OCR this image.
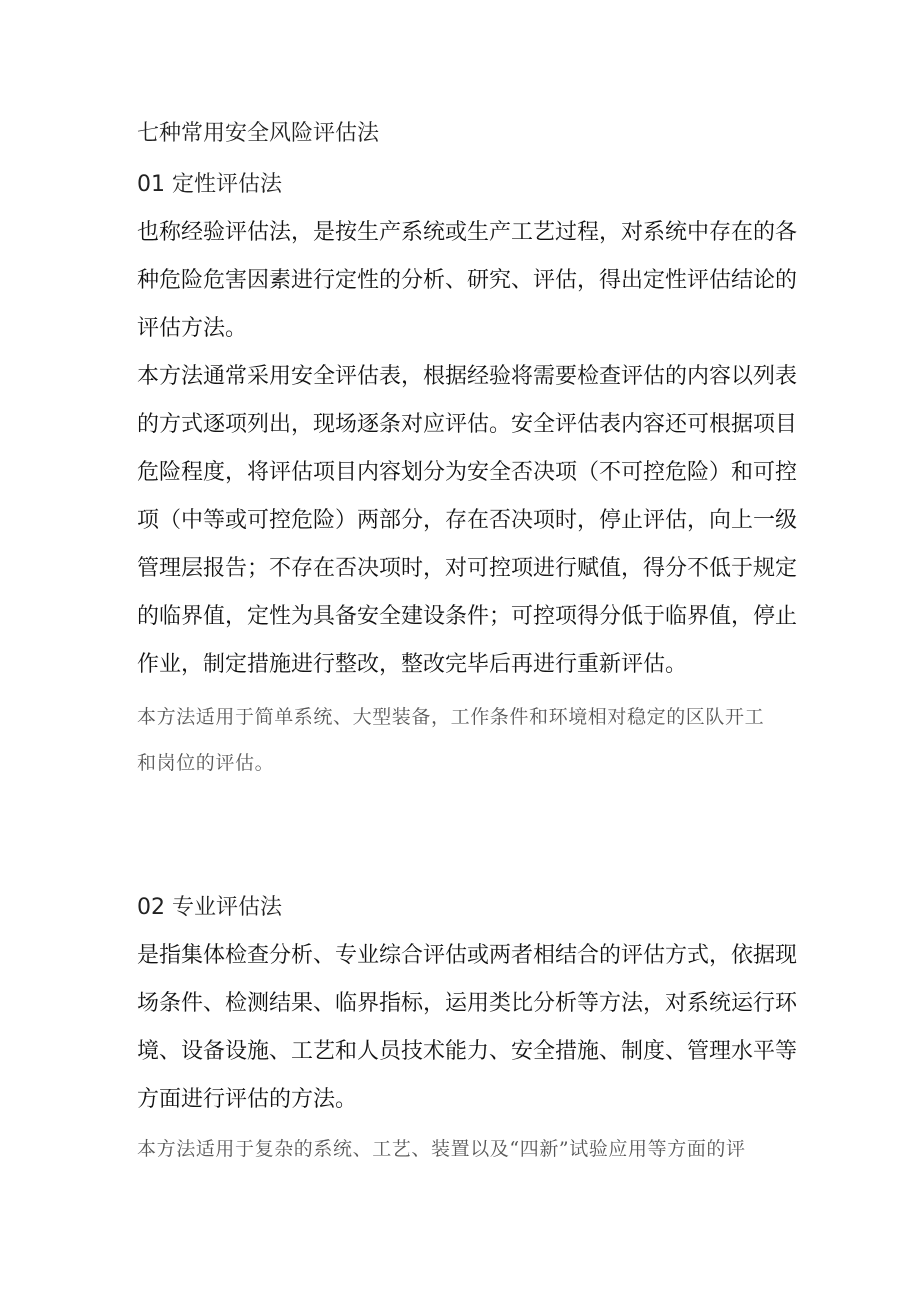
七种常用安全风险评估法
01 定性评估法
也称经验评估法，是按生产系统或生产工艺过程，对系统中存在的各
种危险危害因素进行定性的分析、研究、评估，得出定性评估结论的
评估方法。
本方法通常采用安全评估表，根据经验将需要检查评估的内容以列表
的方式逐项列出，现场逐条对应评估。安全评估表内容还可根据项目
危险程度，将评估项目内容划分为安全否决项（不可控危险）和可控
项（中等或可控危险）两部分，存在否决项时，停止评估，向上一级
管理层报告；不存在否决项时，对可控项进行赋值，得分不低于规定
的临界值，定性为具备安全建设条件；可控项得分低于临界值，停止
作业，制定措施进行整改，整改完毕后再进行重新评估。
本方法适用于简单系统、大型装备，工作条件和环境相对稳定的区队开工
和岗位的评估。
02 专业评估法
是指集体检查分析、专业综合评估或两者相结合的评估方式，依据现
场条件、检测结果、临界指标，运用类比分析等方法，对系统运行环
境、设备设施、工艺和人员技术能力、安全措施、制度、管理水平等
方面进行评估的方法。
本方法适用于复杂的系统、工艺、装置以及“四新”试验应用等方面的评
